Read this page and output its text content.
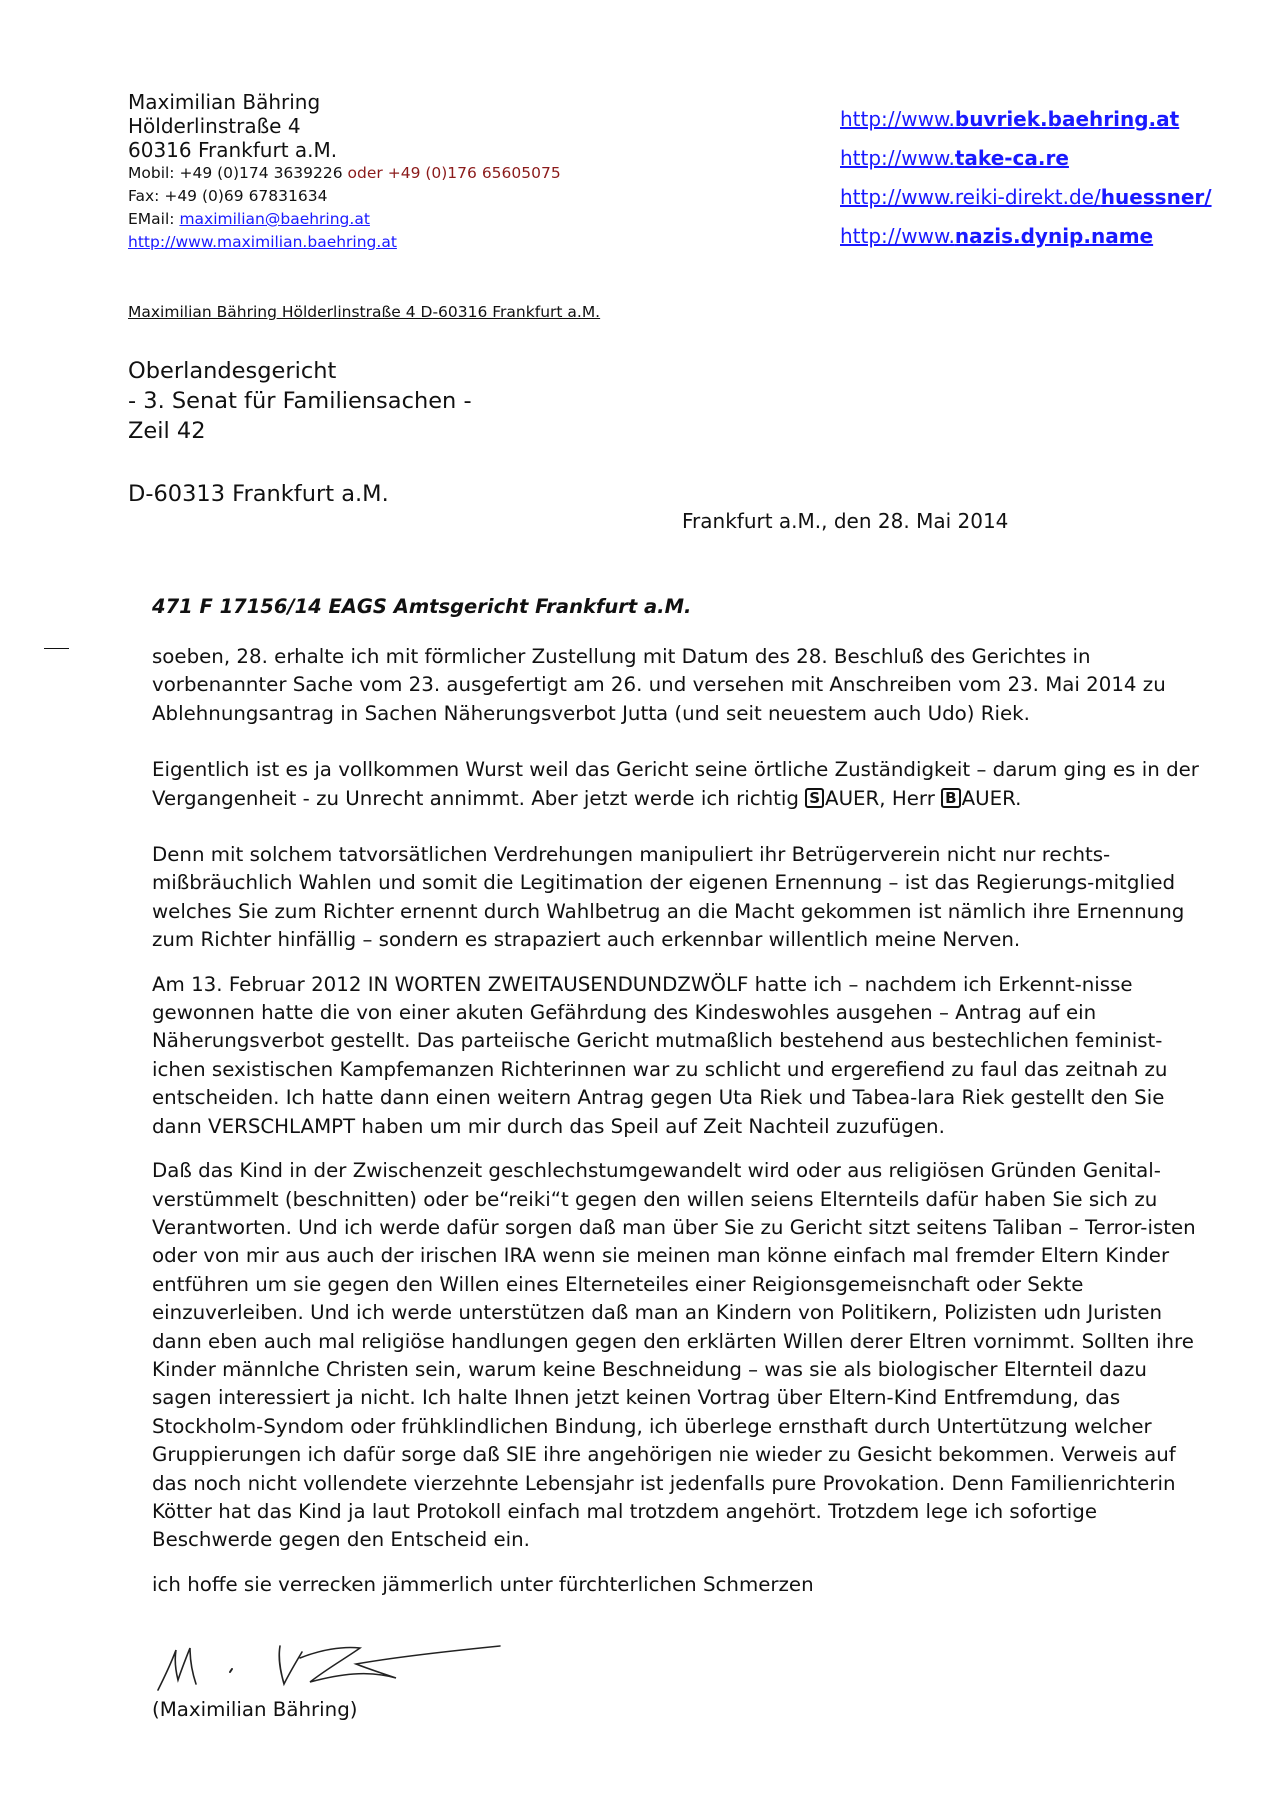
Maximilian Bähring
Hölderlinstraße 4
60316 Frankfurt a.M.
Mobil: +49 (0)174 3639226 oder +49 (0)176 65605075
Fax: +49 (0)69 67831634
EMail: maximilian@baehring.at
http://www.maximilian.baehring.at
http://www.buvriek.baehring.at
http://www.take-ca.re
http://www.reiki-direkt.de/huessner/
http://www.nazis.dynip.name
Maximilian Bähring Hölderlinstraße 4 D-60316 Frankfurt a.M.
Oberlandesgericht
- 3. Senat für Familiensachen -
Zeil 42
D-60313 Frankfurt a.M.
Frankfurt a.M., den 28. Mai 2014
471 F 17156/14 EAGS Amtsgericht Frankfurt a.M.

soeben, 28. erhalte ich mit förmlicher Zustellung mit Datum des 28. Beschluß des Gerichtes in vorbenannter Sache vom 23. ausgefertigt am 26. und versehen mit Anschreiben vom 23. Mai 2014 zu Ablehnungsantrag in Sachen Näherungsverbot Jutta (und seit neuestem auch Udo) Riek.

Eigentlich ist es ja vollkommen Wurst weil das Gericht seine örtliche Zuständigkeit – darum ging es in der Vergangenheit - zu Unrecht annimmt. Aber jetzt werde ich richtig S AUER, Herr B AUER.

Denn mit solchem tatvorsätlichen Verdrehungen manipuliert ihr Betrügerverein nicht nur rechts-mißbräuchlich Wahlen und somit die Legitimation der eigenen Ernennung – ist das Regierungs-mitglied welches Sie zum Richter ernennt durch Wahlbetrug an die Macht gekommen ist nämlich ihre Ernennung zum Richter hinfällig – sondern es strapaziert auch erkennbar willentlich meine Nerven.

Am 13. Februar 2012 IN WORTEN ZWEITAUSENDUNDZWÖLF hatte ich – nachdem ich Erkennt-nisse gewonnen hatte die von einer akuten Gefährdung des Kindeswohles ausgehen – Antrag auf ein Näherungsverbot gestellt. Das parteiische Gericht mutmaßlich bestehend aus bestechlichen feminist-ichen sexistischen Kampfemanzen Richterinnen war zu schlicht und ergerefiend zu faul das zeitnah zu entscheiden. Ich hatte dann einen weitern Antrag gegen Uta Riek und Tabea-lara Riek gestellt den Sie dann VERSCHLAMPT haben um mir durch das Speil auf Zeit Nachteil zuzufügen.

Daß das Kind in der Zwischenzeit geschlechstumgewandelt wird oder aus religiösen Gründen Genital-verstümmelt (beschnitten) oder be“reiki“t gegen den willen seiens Elternteils dafür haben Sie sich zu Verantworten. Und ich werde dafür sorgen daß man über Sie zu Gericht sitzt seitens Taliban – Terror-isten oder von mir aus auch der irischen IRA wenn sie meinen man könne einfach mal fremder Eltern Kinder entführen um sie gegen den Willen eines Elterneteiles einer Reigionsgemeisnchaft oder Sekte einzuverleiben. Und ich werde unterstützen daß man an Kindern von Politikern, Polizisten udn Juristen dann eben auch mal religiöse handlungen gegen den erklärten Willen derer Eltren vornimmt. Sollten ihre Kinder männlche Christen sein, warum keine Beschneidung – was sie als biologischer Elternteil dazu sagen interessiert ja nicht. Ich halte Ihnen jetzt keinen Vortrag über Eltern-Kind Entfremdung, das Stockholm-Syndom oder frühklindlichen Bindung, ich überlege ernsthaft durch Untertützung welcher Gruppierungen ich dafür sorge daß SIE ihre angehörigen nie wieder zu Gesicht bekommen. Verweis auf das noch nicht vollendete vierzehnte Lebensjahr ist jedenfalls pure Provokation. Denn Familienrichterin Kötter hat das Kind ja laut Protokoll einfach mal trotzdem angehört. Trotzdem lege ich sofortige Beschwerde gegen den Entscheid ein.

ich hoffe sie verrecken jämmerlich unter fürchterlichen Schmerzen

(Maximilian Bähring)
